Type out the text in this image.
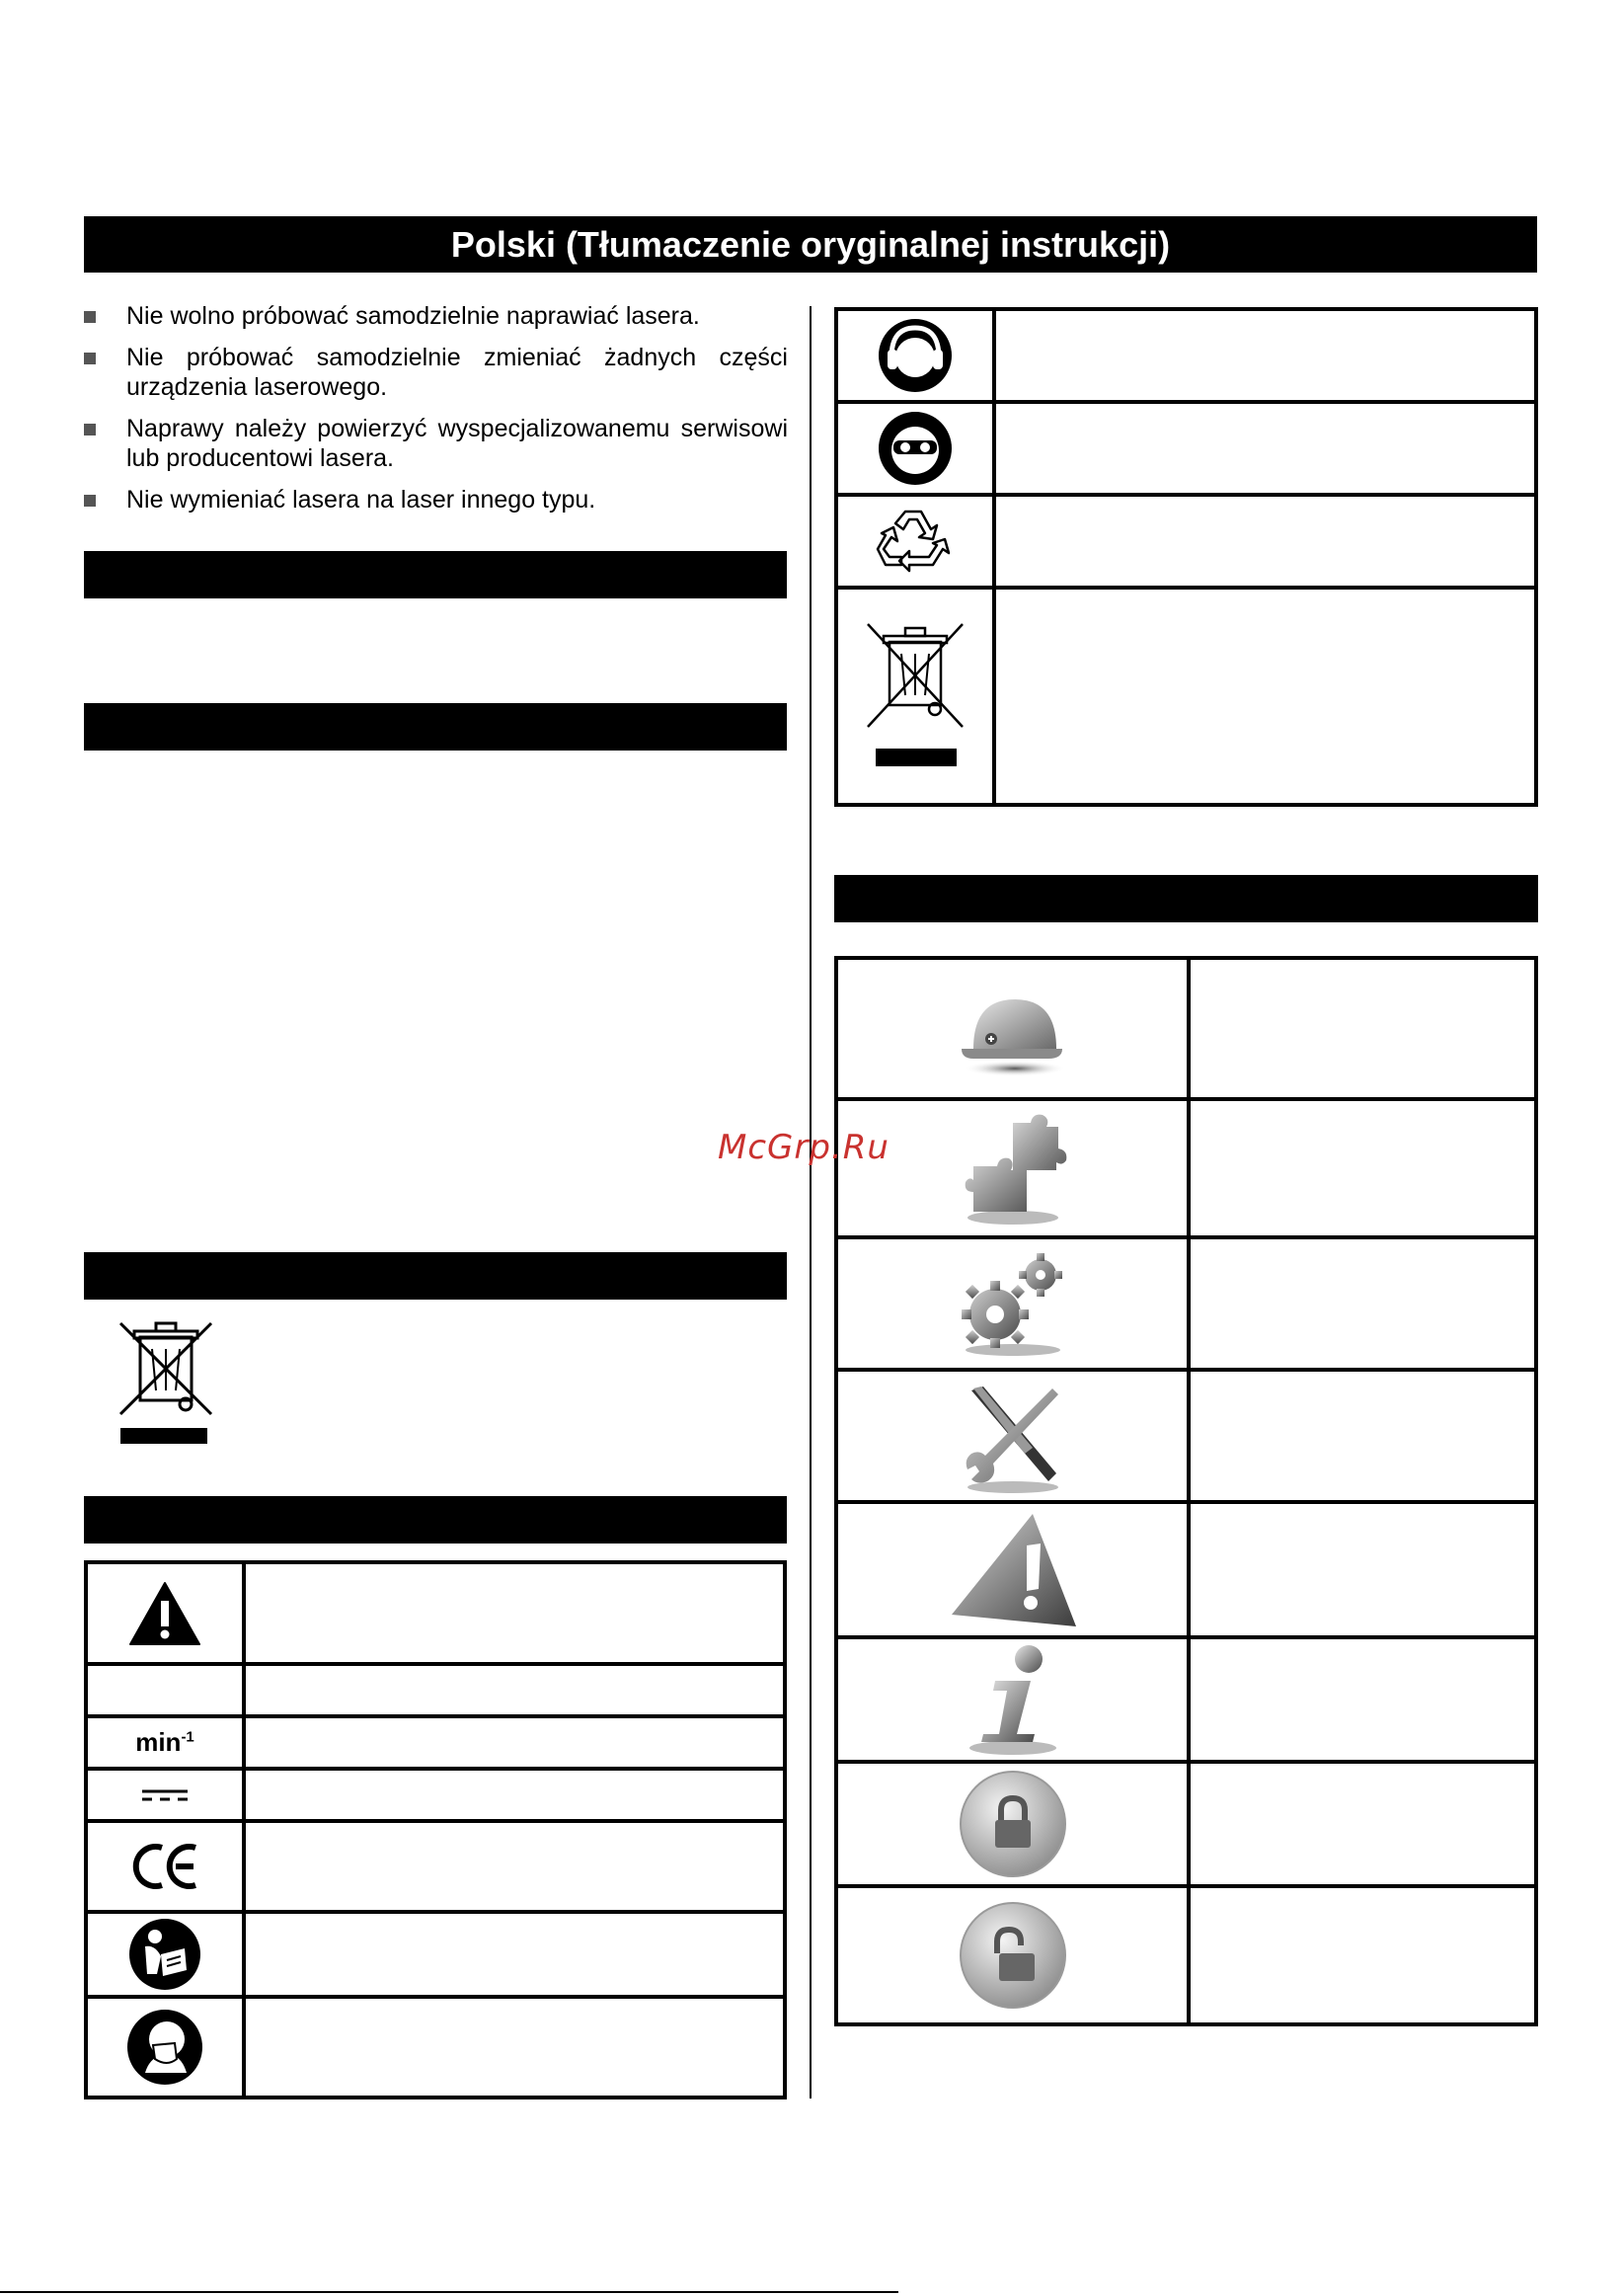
Polski (Tłumaczenie oryginalnej instrukcji)
Nie wolno próbować samodzielnie naprawiać lasera.
Nie próbować samodzielnie zmieniać żadnych części urządzenia laserowego.
Naprawy należy powierzyć wyspecjalizowanemu serwisowi lub producentowi lasera.
Nie wymieniać lasera na laser innego typu.

$\min^{-1}$	

McGrp.Ru
